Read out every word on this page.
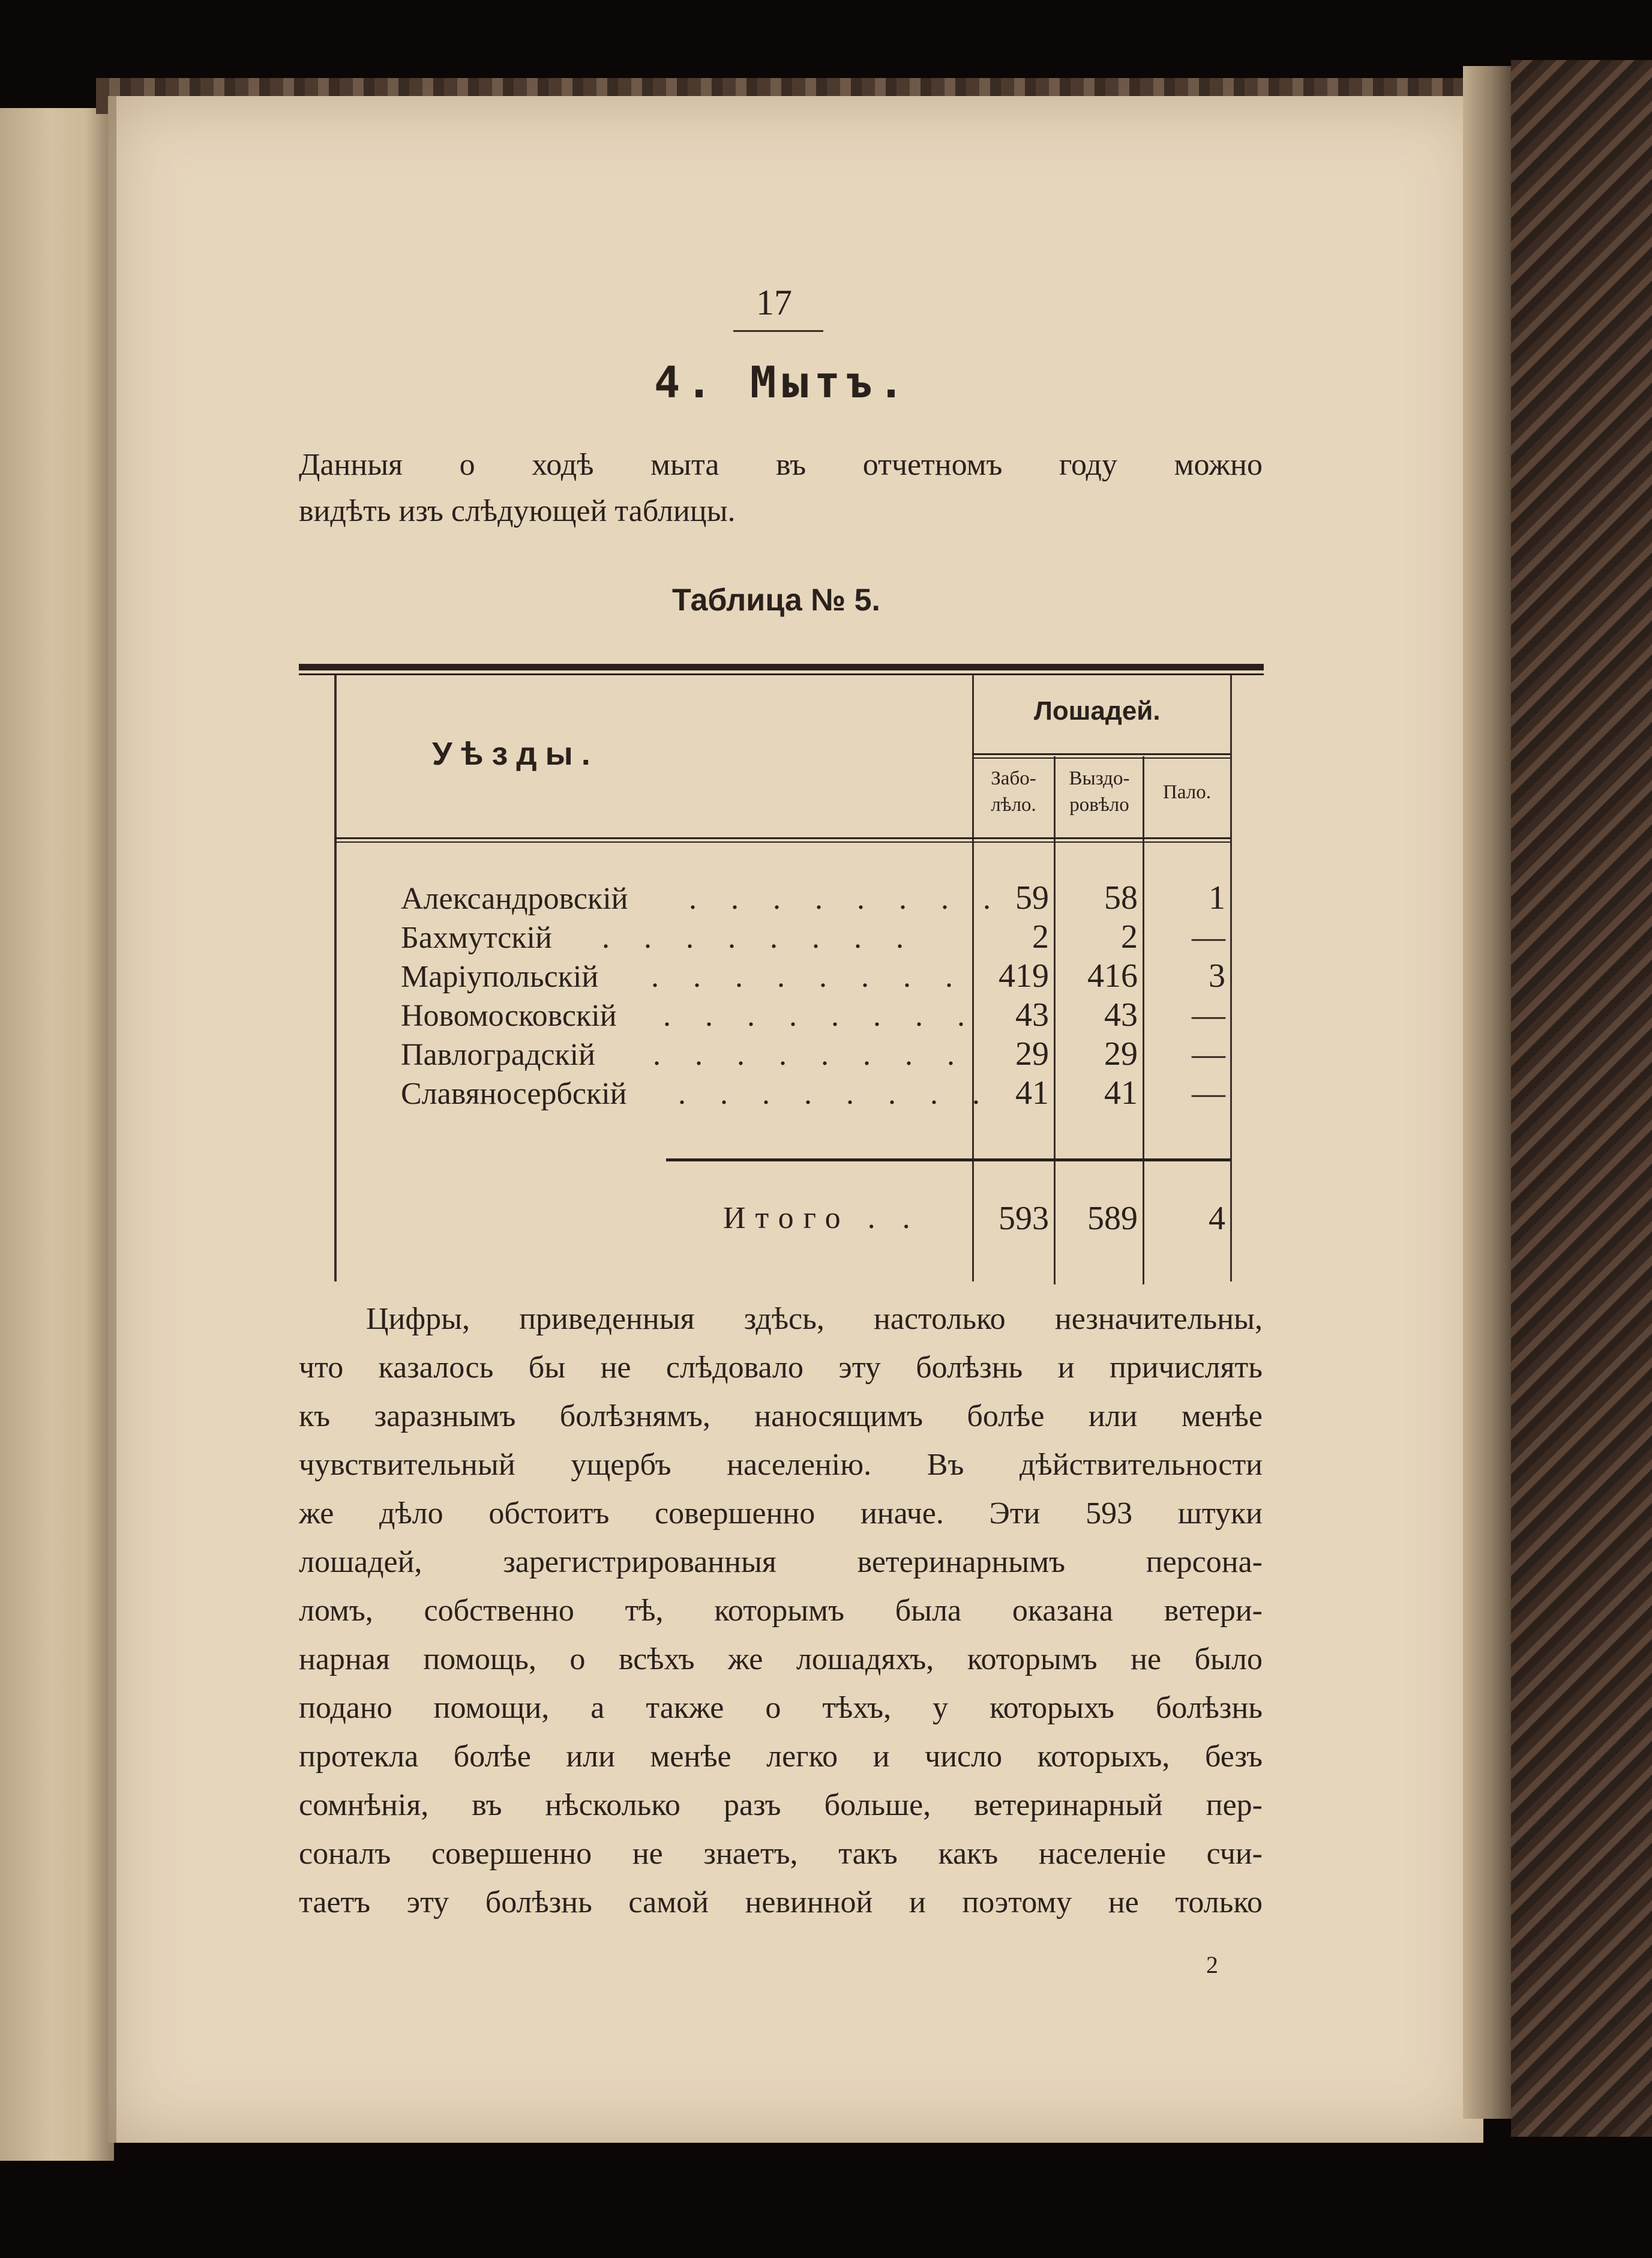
17
4. Мытъ.
Данныя о ходѣ мыта въ отчетномъ году можно
видѣть изъ слѣдующей таблицы.
Таблица № 5.
Уѣзды.
Лошадей.
Забо-лѣло.
Выздо-ровѣло
Пало.
Александровскій . . . . . . . . 59	58	1
Бахмутскій . . . . . . . .	2	2	—
Маріупольскій . . . . . . . . 419	416	3
Новомосковскій . . . . . . . .	43	43	—
Павлоградскій . . . . . . . .	29	29	—
Славяносербскій . . . . . . . . 41	41	—
Итого . .	593	589	4
Цифры, приведенныя здѣсь, настолько незначительны,
что казалось бы не слѣдовало эту болѣзнь и причислять
къ заразнымъ болѣзнямъ, наносящимъ болѣе или менѣе
чувствительный ущербъ населенію. Въ дѣйствительности
же дѣло обстоитъ совершенно иначе. Эти 593 штуки
лошадей, зарегистрированныя ветеринарнымъ персона-
ломъ, собственно тѣ, которымъ была оказана ветери-
нарная помощь, о всѣхъ же лошадяхъ, которымъ не было
подано помощи, а также о тѣхъ, у которыхъ болѣзнь
протекла болѣе или менѣе легко и число которыхъ, безъ
сомнѣнія, въ нѣсколько разъ больше, ветеринарный пер-
соналъ совершенно не знаетъ, такъ какъ населеніе счи-
таетъ эту болѣзнь самой невинной и поэтому не только
2
